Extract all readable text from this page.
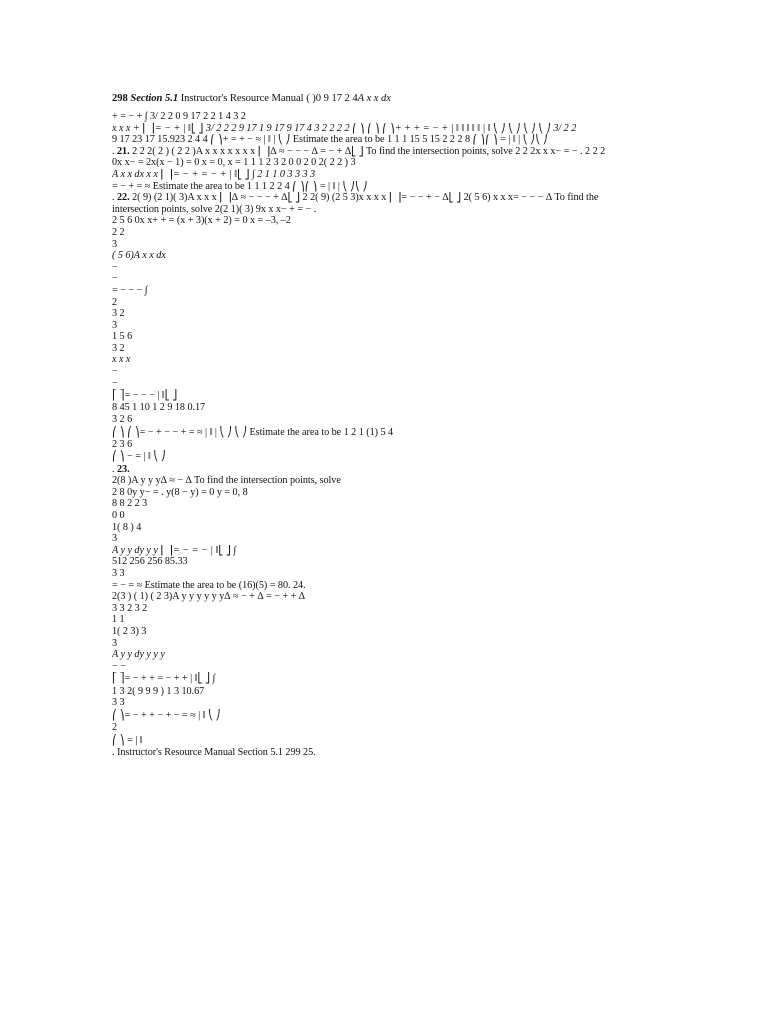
298 Section 5.1 Instructor's Resource Manual ( )0 9 17 2 4A x x dx
+ = − + ∫ 3/ 2 2 0 9 17 2 2 1 4 3 2
x x x + ⎡ ⎤= − + | ‖⎣ ⎦ 3/ 2 2 2 9 17 1 9 17 9 17 4 3 2 2 2 2 ⎛ ⎞ ⎛ ⎞ ⎛ ⎞+ + + = − + | ‖ ‖ ‖ ‖ ‖ | ‖ ⎝ ⎠ ⎝ ⎠ ⎝ ⎠ ⎝ ⎠ 3/ 2 2
9 17 23 17 15.923 2 4 4 ⎛ ⎞+ = + − ≈ | ‖ | ⎝ ⎠ Estimate the area to be 1 1 1 15 5 15 2 2 2 8 ⎛ ⎞⎛ ⎞ = | ‖ | ⎝ ⎠⎝ ⎠
. 21. 2 2 2( 2 ) ( 2 2 )A x x x x x x x ⎡ ⎤∆ ≈ − − − ∆ = − + ∆⎣ ⎦ To find the intersection points, solve 2 2 2x x x− = − . 2 2 2
0x x− = 2x(x − 1) = 0 x = 0, x = 1 1 1 2 3 2 0 0 2 0 2( 2 2 ) 3
A x x dx x x ⎡ ⎤= − + = − + | ‖⎣ ⎦ ∫ 2 1 1 0 3 3 3 3
= − + = ≈ Estimate the area to be 1 1 1 2 2 4 ⎛ ⎞⎛ ⎞ = | ‖ | ⎝ ⎠⎝ ⎠
. 22. 2( 9) (2 1)( 3)A x x x ⎡ ⎤∆ ≈ − − − + ∆⎣ ⎦ 2 2( 9) (2 5 3)x x x x ⎡ ⎤= − − + − ∆⎣ ⎦ 2( 5 6) x x x= − − − ∆ To find the
intersection points, solve 2(2 1)( 3) 9x x x− + = − .
2 5 6 0x x+ + = (x + 3)(x + 2) = 0 x = –3, –2
2 2
3
( 5 6)A x x dx
−
−
= − − − ∫
2
3 2
3
1 5 6
3 2
x x x
−
−
⎡ ⎤= − − − | ‖⎣ ⎦
8 45 1 10 1 2 9 18 0.17
3 2 6
⎛ ⎞ ⎛ ⎞= − + − − + = ≈ | ‖ | ⎝ ⎠ ⎝ ⎠ Estimate the area to be 1 2 1 (1) 5 4
2 3 6
⎛ ⎞ − = | ‖ ⎝ ⎠
. 23.
2(8 )A y y y∆ ≈ − ∆ To find the intersection points, solve
2 8 0y y− = . y(8 − y) = 0 y = 0, 8
8 8 2 2 3
0 0
1( 8 ) 4
3
A y y dy y y ⎡ ⎤= − = − | ‖⎣ ⎦ ∫
512 256 256 85.33
3 3
= − = ≈ Estimate the area to be (16)(5) = 80. 24.
2(3 ) ( 1) ( 2 3)A y y y y y y∆ ≈ − + ∆ = − + + ∆
3 3 2 3 2
1 1
1( 2 3) 3
3
A y y dy y y y
− −
⎡ ⎤= − + + = − + + | ‖⎣ ⎦ ∫
1 3 2( 9 9 9 ) 1 3 10.67
3 3
⎛ ⎞= − + + − + − = ≈ | ‖ ⎝ ⎠
2
⎛ ⎞ = | ‖
. Instructor's Resource Manual Section 5.1 299 25.
